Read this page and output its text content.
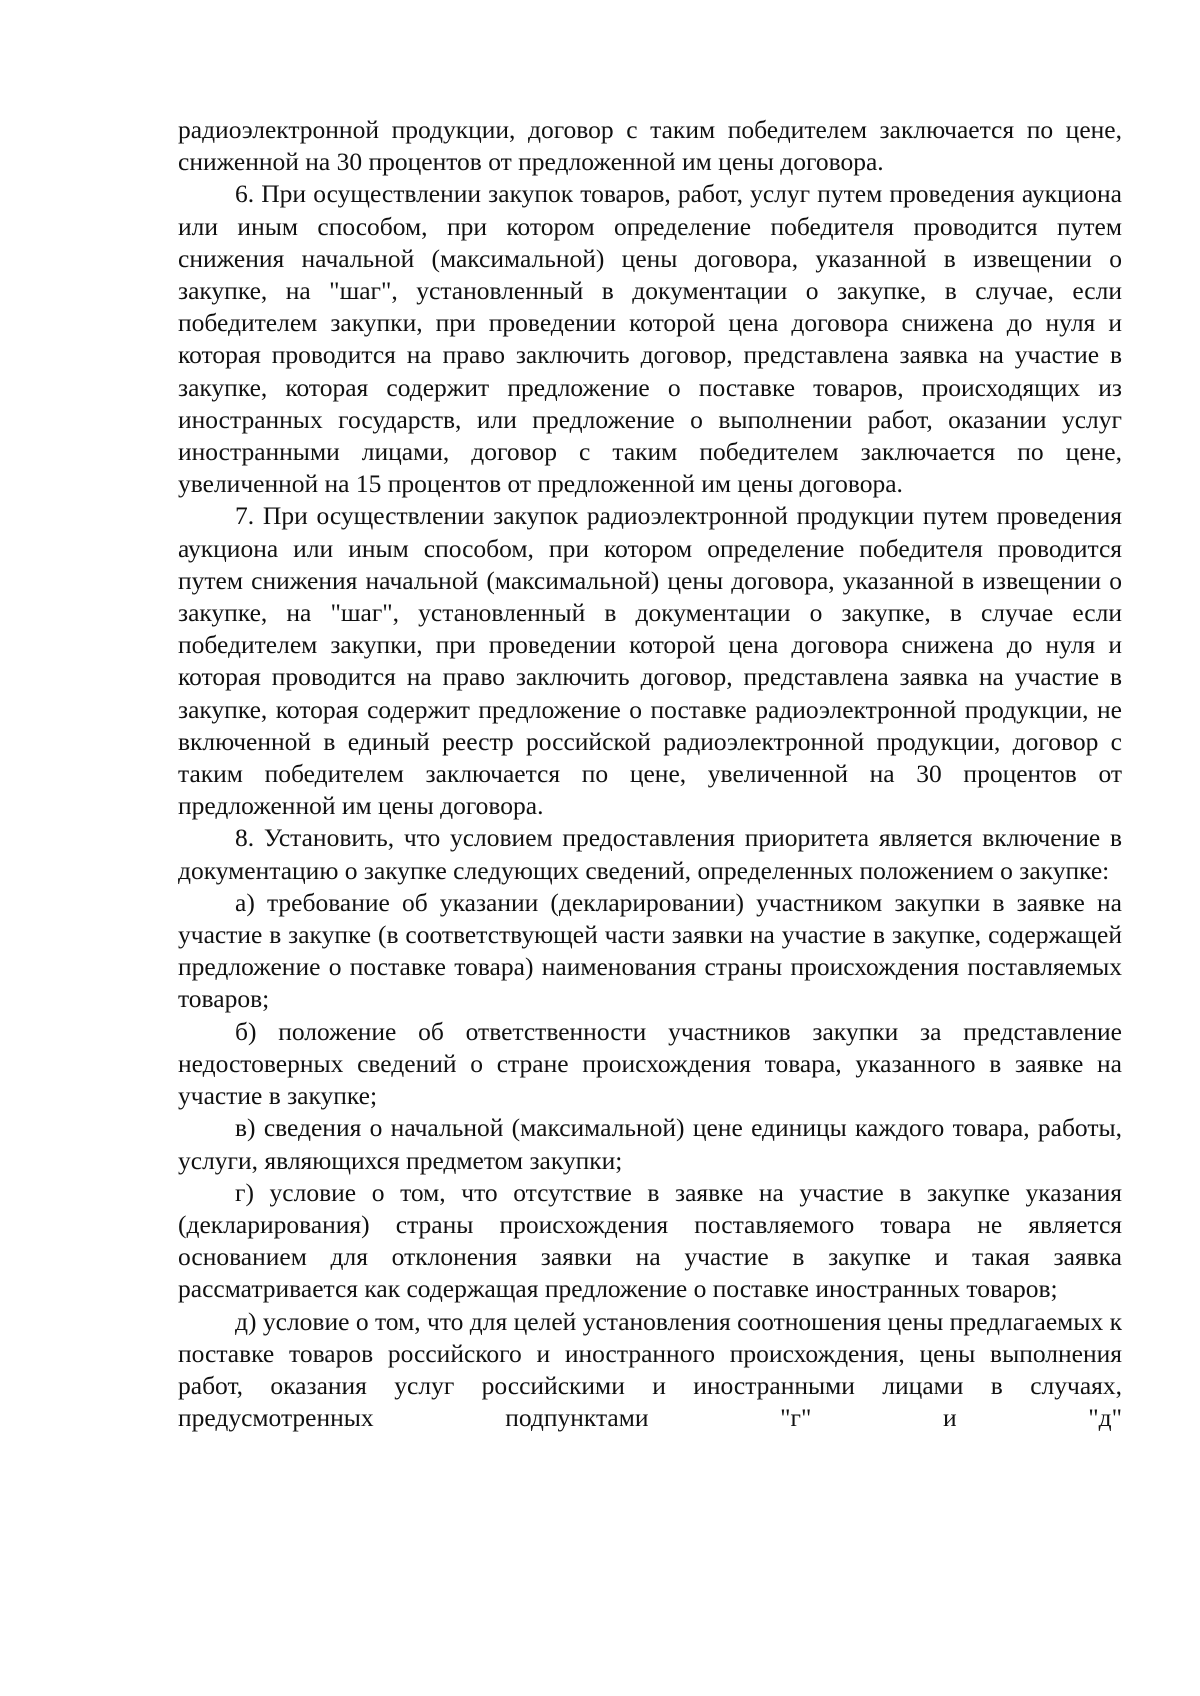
радиоэлектронной продукции, договор с таким победителем заключается по цене, сниженной на 30 процентов от предложенной им цены договора.

6. При осуществлении закупок товаров, работ, услуг путем проведения аукциона или иным способом, при котором определение победителя проводится путем снижения начальной (максимальной) цены договора, указанной в извещении о закупке, на "шаг", установленный в документации о закупке, в случае, если победителем закупки, при проведении которой цена договора снижена до нуля и которая проводится на право заключить договор, представлена заявка на участие в закупке, которая содержит предложение о поставке товаров, происходящих из иностранных государств, или предложение о выполнении работ, оказании услуг иностранными лицами, договор с таким победителем заключается по цене, увеличенной на 15 процентов от предложенной им цены договора.

7. При осуществлении закупок радиоэлектронной продукции путем проведения аукциона или иным способом, при котором определение победителя проводится путем снижения начальной (максимальной) цены договора, указанной в извещении о закупке, на "шаг", установленный в документации о закупке, в случае если победителем закупки, при проведении которой цена договора снижена до нуля и которая проводится на право заключить договор, представлена заявка на участие в закупке, которая содержит предложение о поставке радиоэлектронной продукции, не включенной в единый реестр российской радиоэлектронной продукции, договор с таким победителем заключается по цене, увеличенной на 30 процентов от предложенной им цены договора.

8. Установить, что условием предоставления приоритета является включение в документацию о закупке следующих сведений, определенных положением о закупке:

а) требование об указании (декларировании) участником закупки в заявке на участие в закупке (в соответствующей части заявки на участие в закупке, содержащей предложение о поставке товара) наименования страны происхождения поставляемых товаров;

б) положение об ответственности участников закупки за представление недостоверных сведений о стране происхождения товара, указанного в заявке на участие в закупке;

в) сведения о начальной (максимальной) цене единицы каждого товара, работы, услуги, являющихся предметом закупки;

г) условие о том, что отсутствие в заявке на участие в закупке указания (декларирования) страны происхождения поставляемого товара не является основанием для отклонения заявки на участие в закупке и такая заявка рассматривается как содержащая предложение о поставке иностранных товаров;

д) условие о том, что для целей установления соотношения цены предлагаемых к поставке товаров российского и иностранного происхождения, цены выполнения работ, оказания услуг российскими и иностранными лицами в случаях, предусмотренных подпунктами "г" и "д"
